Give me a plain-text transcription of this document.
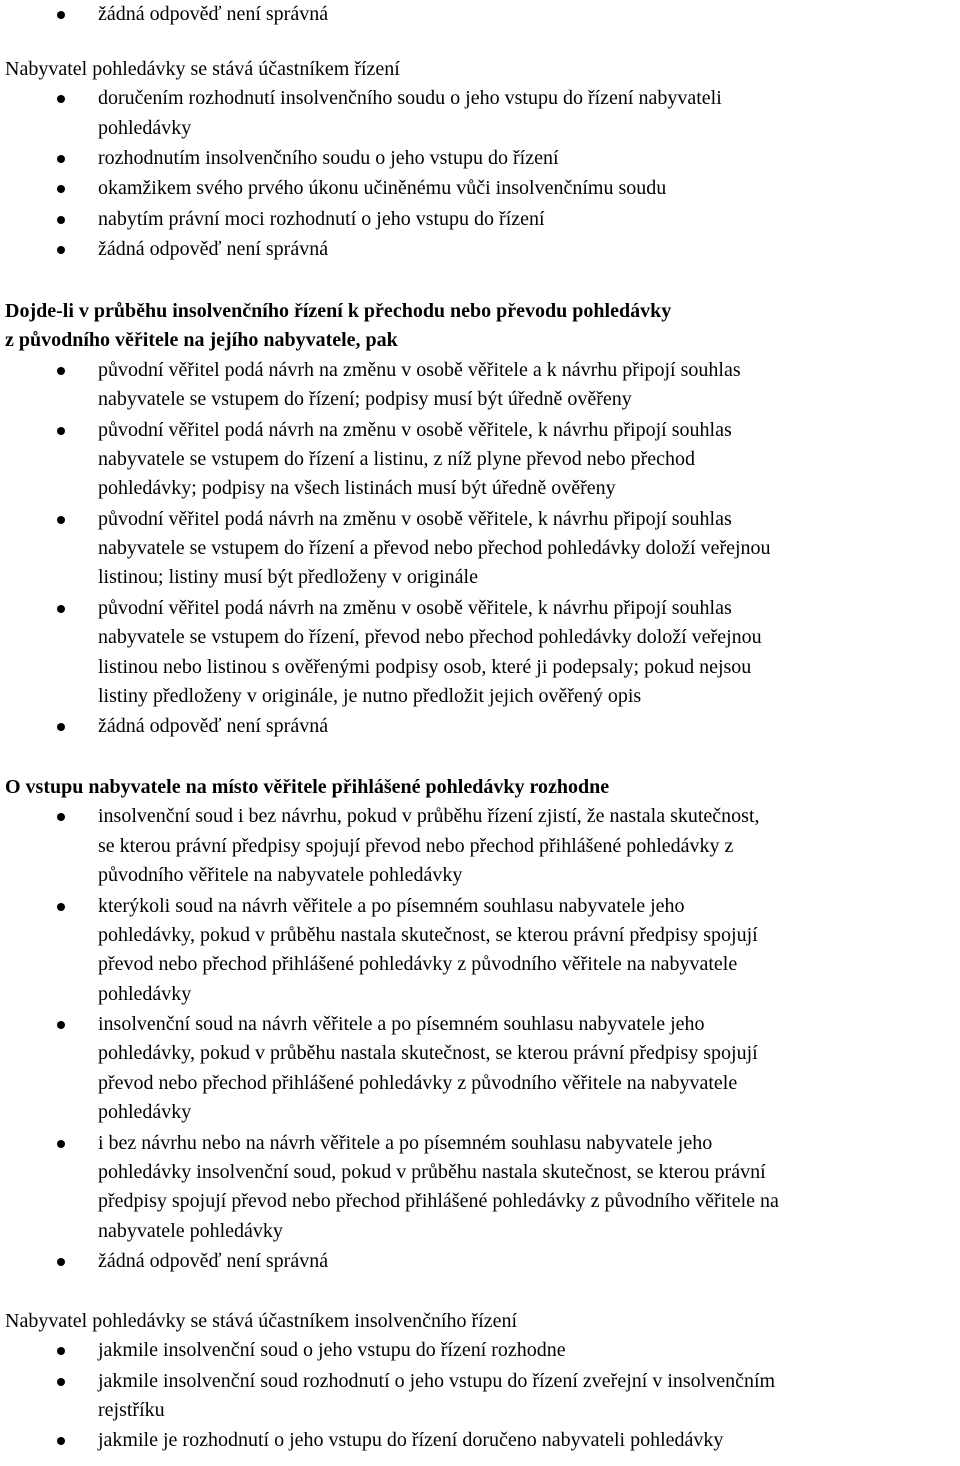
žádná odpověď není správná
Nabyvatel pohledávky se stává účastníkem řízení
doručením rozhodnutí insolvenčního soudu o jeho vstupu do řízení nabyvateli
pohledávky
rozhodnutím insolvenčního soudu o jeho vstupu do řízení
okamžikem svého prvého úkonu učiněnému vůči insolvenčnímu soudu
nabytím právní moci rozhodnutí o jeho vstupu do řízení
žádná odpověď není správná
Dojde-li v průběhu insolvenčního řízení k přechodu nebo převodu pohledávky
z původního věřitele na jejího nabyvatele, pak
původní věřitel podá návrh na změnu v osobě věřitele a k návrhu připojí souhlas
nabyvatele se vstupem do řízení; podpisy musí být úředně ověřeny
původní věřitel podá návrh na změnu v osobě věřitele, k návrhu připojí souhlas
nabyvatele se vstupem do řízení a listinu, z níž plyne převod nebo přechod
pohledávky; podpisy na všech listinách musí být úředně ověřeny
původní věřitel podá návrh na změnu v osobě věřitele, k návrhu připojí souhlas
nabyvatele se vstupem do řízení a převod nebo přechod pohledávky doloží veřejnou
listinou; listiny musí být předloženy v originále
původní věřitel podá návrh na změnu v osobě věřitele, k návrhu připojí souhlas
nabyvatele se vstupem do řízení, převod nebo přechod pohledávky doloží veřejnou
listinou nebo listinou s ověřenými podpisy osob, které ji podepsaly; pokud nejsou
listiny předloženy v originále, je nutno předložit jejich ověřený opis
žádná odpověď není správná
O vstupu nabyvatele na místo věřitele přihlášené pohledávky rozhodne
insolvenční soud i bez návrhu, pokud v průběhu řízení zjistí, že nastala skutečnost,
se kterou právní předpisy spojují převod nebo přechod přihlášené pohledávky z
původního věřitele na nabyvatele pohledávky
kterýkoli soud na návrh věřitele a po písemném souhlasu nabyvatele jeho
pohledávky, pokud v průběhu nastala skutečnost, se kterou právní předpisy spojují
převod nebo přechod přihlášené pohledávky z původního věřitele na nabyvatele
pohledávky
insolvenční soud na návrh věřitele a po písemném souhlasu nabyvatele jeho
pohledávky, pokud v průběhu nastala skutečnost, se kterou právní předpisy spojují
převod nebo přechod přihlášené pohledávky z původního věřitele na nabyvatele
pohledávky
i bez návrhu nebo na návrh věřitele a po písemném souhlasu nabyvatele jeho
pohledávky insolvenční soud, pokud v průběhu nastala skutečnost, se kterou právní
předpisy spojují převod nebo přechod přihlášené pohledávky z původního věřitele na
nabyvatele pohledávky
žádná odpověď není správná
Nabyvatel pohledávky se stává účastníkem insolvenčního řízení
jakmile insolvenční soud o jeho vstupu do řízení rozhodne
jakmile insolvenční soud rozhodnutí o jeho vstupu do řízení zveřejní v insolvenčním
rejstříku
jakmile je rozhodnutí o jeho vstupu do řízení doručeno nabyvateli pohledávky
